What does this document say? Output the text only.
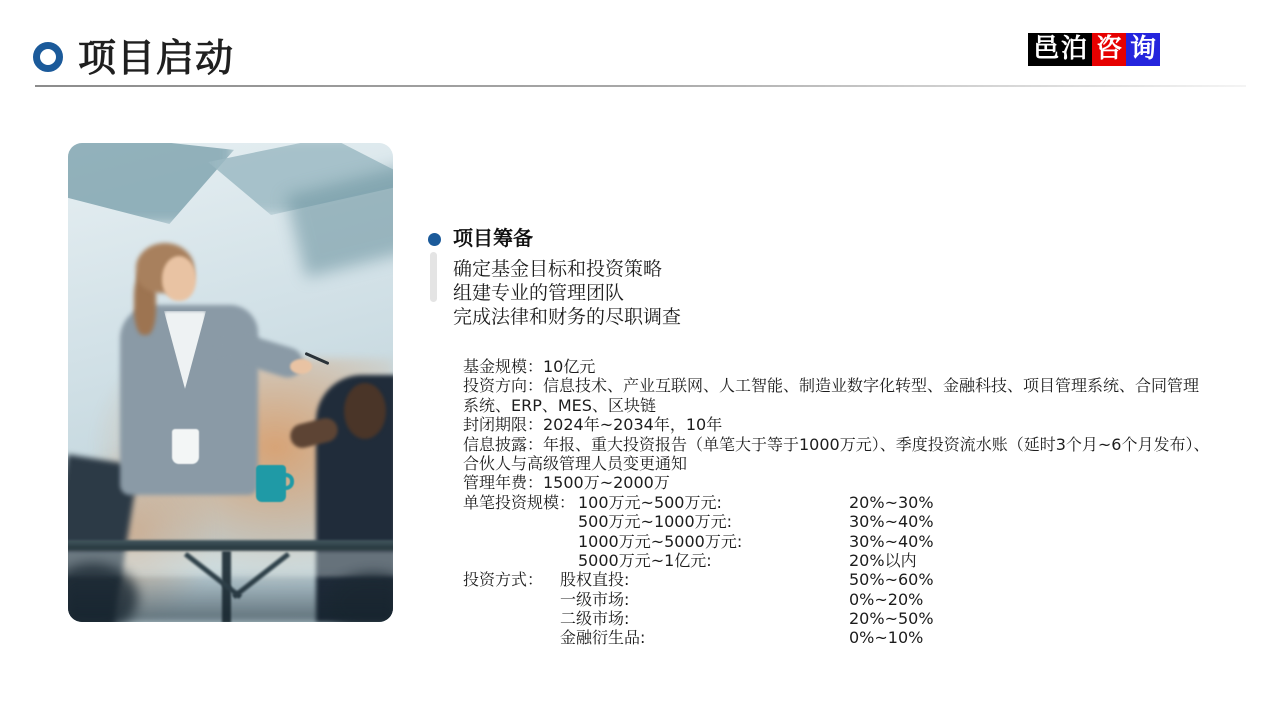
项目启动	邑泊 咨 询
项目筹备
确定基金目标和投资策略
组建专业的管理团队
完成法律和财务的尽职调查
基金规模：10亿元
投资方向：信息技术、产业互联网、人工智能、制造业数字化转型、金融科技、项目管理系统、合同管理
系统、ERP、MES、区块链
封闭期限：2024年~2034年，10年
信息披露：年报、重大投资报告（单笔大于等于1000万元）、季度投资流水账（延时3个月~6个月发布）、
合伙人与高级管理人员变更通知
管理年费：1500万~2000万
单笔投资规模： 100万元~500万元:	20%~30%
500万元~1000万元:	30%~40%
1000万元~5000万元:	30%~40%
5000万元~1亿元:	20%以内
投资方式： 股权直投:	50%~60%
一级市场:	0%~20%
二级市场:	20%~50%
金融衍生品:	0%~10%
